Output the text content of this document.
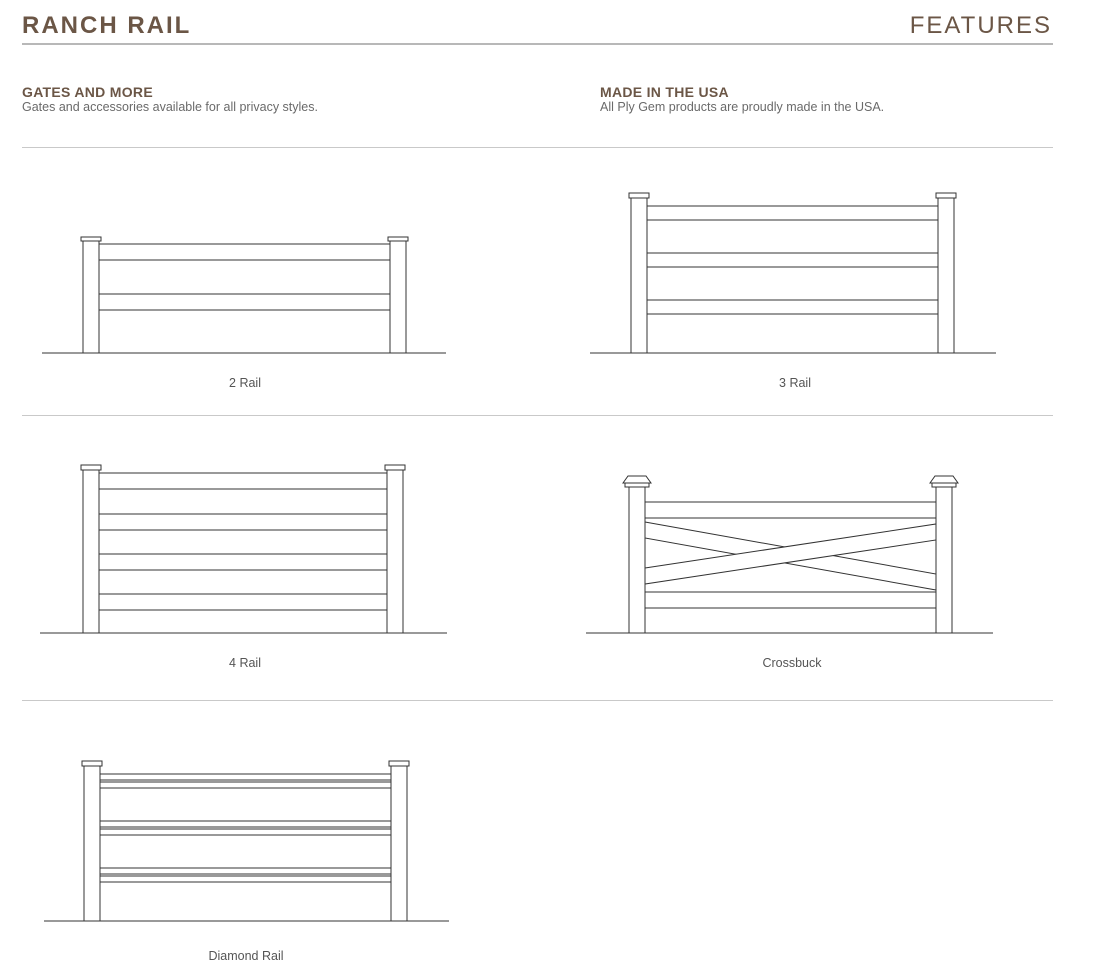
RANCH RAIL	FEATURES
GATES AND MORE
Gates and accessories available for all privacy styles.
MADE IN THE USA
All Ply Gem products are proudly made in the USA.
2 Rail	3 Rail
4 Rail	Crossbuck
Diamond Rail
